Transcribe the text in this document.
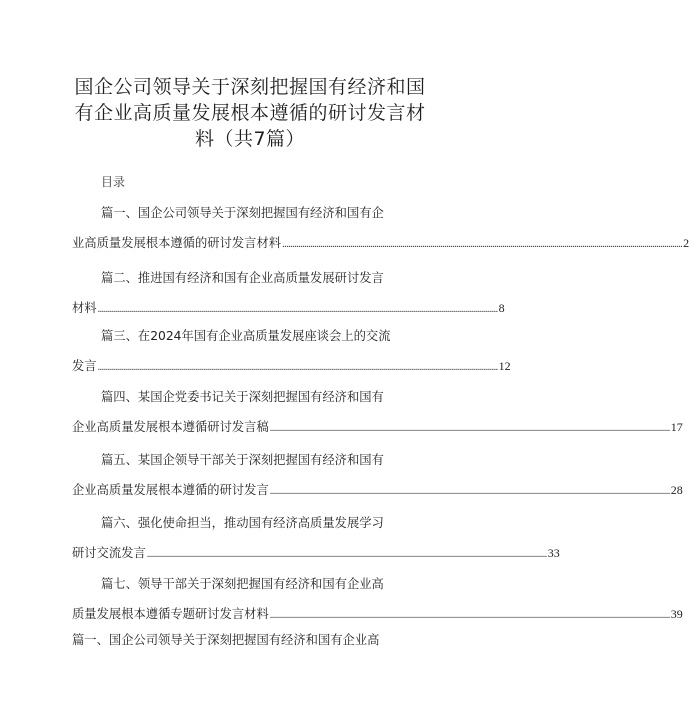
国企公司领导关于深刻把握国有经济和国
有企业高质量发展根本遵循的研讨发言材
料（共7篇）
目录
篇一、国企公司领导关于深刻把握国有经济和国有企
业高质量发展根本遵循的研讨发言材料 ........................................................................................................................................................................................................ 2
篇二、推进国有经济和国有企业高质量发展研讨发言
材料 ........................................................................................................................................................................................................ 8
篇三、在2024年国有企业高质量发展座谈会上的交流
发言 ........................................................................................................................................................................................................ 12
篇四、某国企党委书记关于深刻把握国有经济和国有
企业高质量发展根本遵循研讨发言稿 ........................................................................................................................................................................................................ 17
篇五、某国企领导干部关于深刻把握国有经济和国有
企业高质量发展根本遵循的研讨发言 ........................................................................................................................................................................................................ 28
篇六、强化使命担当，推动国有经济高质量发展学习
研讨交流发言 ........................................................................................................................................................................................................ 33
篇七、领导干部关于深刻把握国有经济和国有企业高
质量发展根本遵循专题研讨发言材料 ........................................................................................................................................................................................................ 39
篇一、国企公司领导关于深刻把握国有经济和国有企业高
